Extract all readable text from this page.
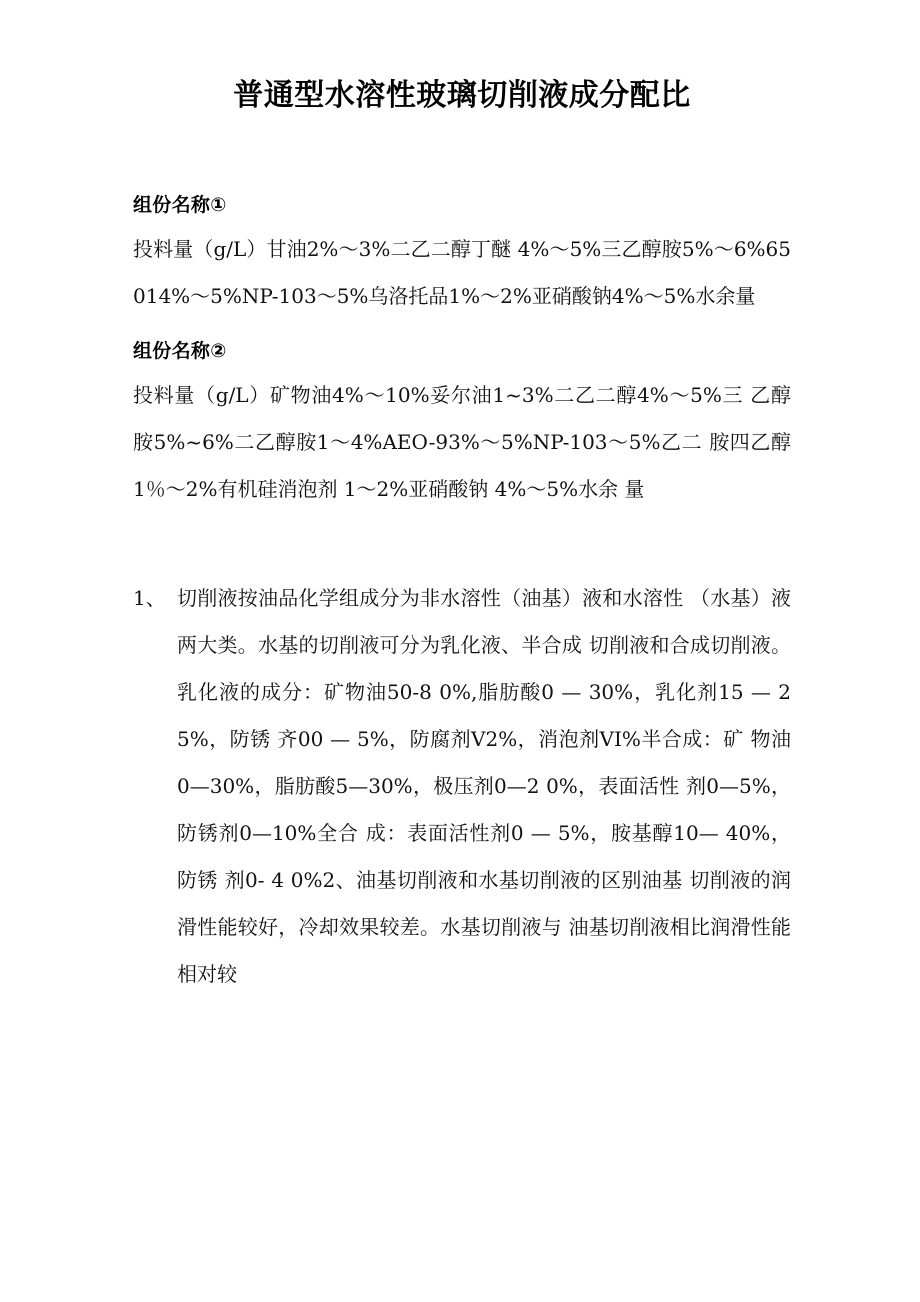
普通型水溶性玻璃切削液成分配比
组份名称①

投料量（g/L）甘油2%〜3%二乙二醇丁醚 4%〜5%三乙醇胺5%〜6%65014%〜5%NP-103〜5%乌洛托品1%〜2%亚硝酸钠4%〜5%水余量

组份名称②

投料量（g/L）矿物油4%〜10%妥尔油1~3%二乙二醇4%〜5%三 乙醇胺5%~6%二乙醇胺1〜4%AEO-93%〜5%NP-103〜5%乙二 胺四乙醇 1％〜2%有机硅消泡剂 1〜2%亚硝酸钠 4%〜5%水余 量

1、 切削液按油品化学组成分为非水溶性（油基）液和水溶性 （水基）液两大类。水基的切削液可分为乳化液、半合成 切削液和合成切削液。乳化液的成分：矿物油50-8 0%,脂肪酸0 — 30%，乳化剂15 — 25%，防锈 齐00 — 5%，防腐剂V2%，消泡剂VI%半合成：矿 物油0—30%，脂肪酸5—30%，极压剂0—2 0%，表面活性 剂0—5%，防锈剂0—10%全合 成：表面活性剂0 — 5%，胺基醇10— 40%，防锈 剂0- 4 0%2、油基切削液和水基切削液的区别油基 切削液的润滑性能较好，冷却效果较差。水基切削液与 油基切削液相比润滑性能相对较
